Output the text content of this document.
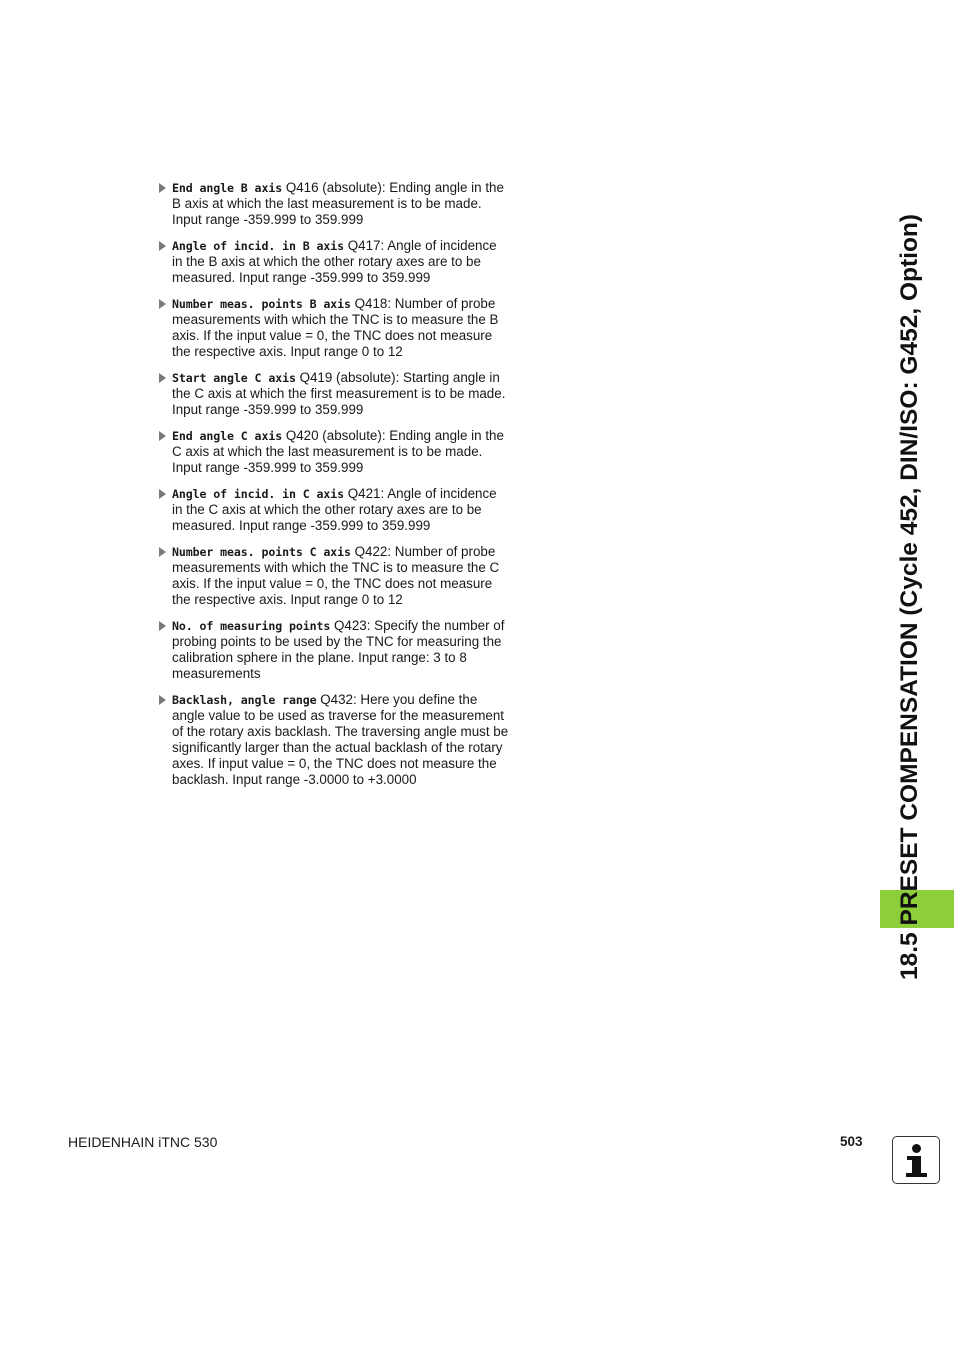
18.5 PRESET COMPENSATION (Cycle 452, DIN/ISO: G452, Option)
End angle B axis Q416 (absolute): Ending angle in the B axis at which the last measurement is to be made. Input range -359.999 to 359.999
Angle of incid. in B axis Q417: Angle of incidence in the B axis at which the other rotary axes are to be measured. Input range -359.999 to 359.999
Number meas. points B axis Q418: Number of probe measurements with which the TNC is to measure the B axis. If the input value = 0, the TNC does not measure the respective axis. Input range 0 to 12
Start angle C axis Q419 (absolute): Starting angle in the C axis at which the first measurement is to be made. Input range -359.999 to 359.999
End angle C axis Q420 (absolute): Ending angle in the C axis at which the last measurement is to be made. Input range -359.999 to 359.999
Angle of incid. in C axis Q421: Angle of incidence in the C axis at which the other rotary axes are to be measured. Input range -359.999 to 359.999
Number meas. points C axis Q422: Number of probe measurements with which the TNC is to measure the C axis. If the input value = 0, the TNC does not measure the respective axis. Input range 0 to 12
No. of measuring points Q423: Specify the number of probing points to be used by the TNC for measuring the calibration sphere in the plane. Input range: 3 to 8 measurements
Backlash, angle range Q432: Here you define the angle value to be used as traverse for the measurement of the rotary axis backlash. The traversing angle must be significantly larger than the actual backlash of the rotary axes. If input value = 0, the TNC does not measure the backlash. Input range -3.0000 to +3.0000
HEIDENHAIN iTNC 530	503
